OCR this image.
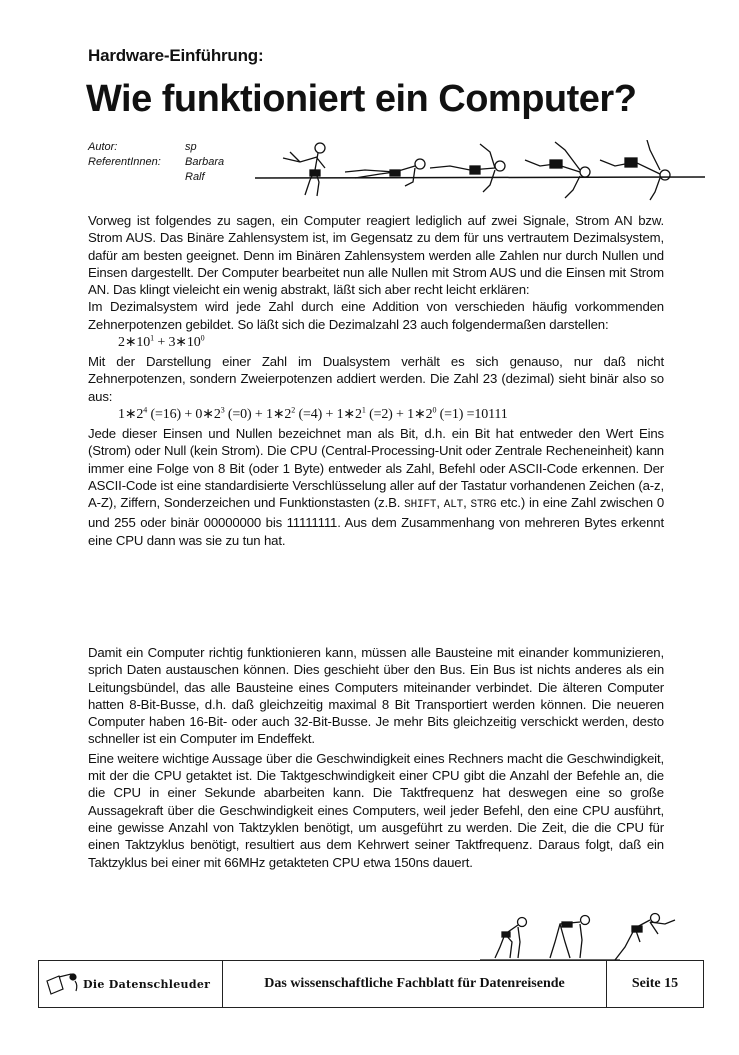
Hardware-Einführung:
Wie funktioniert ein Computer?
Autor:	sp
ReferentInnen:	Barbara
Ralf

Vorweg ist folgendes zu sagen, ein Computer reagiert lediglich auf zwei Signale, Strom AN bzw. Strom AUS. Das Binäre Zahlensystem ist, im Gegensatz zu dem für uns vertrautem Dezimalsystem, dafür am besten geeignet. Denn im Binären Zahlensystem werden alle Zahlen nur durch Nullen und Einsen dargestellt. Der Computer bearbeitet nun alle Nullen mit Strom AUS und die Einsen mit Strom AN. Das klingt vieleicht ein wenig abstrakt, läßt sich aber recht leicht erklären:

Im Dezimalsystem wird jede Zahl durch eine Addition von verschieden häufig vorkommenden Zehnerpotenzen gebildet. So läßt sich die Dezimalzahl 23 auch folgendermaßen darstellen:

$2∗10^1$ + $3∗10^0$

Mit der Darstellung einer Zahl im Dualsystem verhält es sich genauso, nur daß nicht Zehnerpotenzen, sondern Zweierpotenzen addiert werden. Die Zahl 23 (dezimal) sieht binär also so aus:

$1∗2^4$ $(=16) + 0∗2^3$ $(=0) + 1∗2^2$ $(=4) + 1∗2^1$ $(=2) + 1∗2^0$ (=1) =10111

Jede dieser Einsen und Nullen bezeichnet man als Bit, d.h. ein Bit hat entweder den Wert Eins (Strom) oder Null (kein Strom). Die CPU (Central-Processing-Unit oder Zentrale Recheneinheit) kann immer eine Folge von 8 Bit (oder 1 Byte) entweder als Zahl, Befehl oder ASCII-Code erkennen. Der ASCII-Code ist eine standardisierte Verschlüsselung aller auf der Tastatur vorhandenen Zeichen (a-z, A-Z), Ziffern, Sonderzeichen und Funktionstasten (z.B. SHIFT, ALT, STRG etc.) in eine Zahl zwischen 0 und 255 oder binär 00000000 bis 11111111. Aus dem Zusammenhang von mehreren Bytes erkennt eine CPU dann was sie zu tun hat.

Damit ein Computer richtig funktionieren kann, müssen alle Bausteine mit einander kommunizieren, sprich Daten austauschen können. Dies geschieht über den Bus. Ein Bus ist nichts anderes als ein Leitungsbündel, das alle Bausteine eines Computers miteinander verbindet. Die älteren Computer hatten 8-Bit-Busse, d.h. daß gleichzeitig maximal 8 Bit Transportiert werden können. Die neueren Computer haben 16-Bit- oder auch 32-Bit-Busse. Je mehr Bits gleichzeitig verschickt werden, desto schneller ist ein Computer im Endeffekt.

Eine weitere wichtige Aussage über die Geschwindigkeit eines Rechners macht die Geschwindigkeit, mit der die CPU getaktet ist. Die Taktgeschwindigkeit einer CPU gibt die Anzahl der Befehle an, die die CPU in einer Sekunde abarbeiten kann. Die Taktfrequenz hat deswegen eine so große Aussagekraft über die Geschwindigkeit eines Computers, weil jeder Befehl, den eine CPU ausführt, eine gewisse Anzahl von Taktzyklen benötigt, um ausgeführt zu werden. Die Zeit, die die CPU für einen Taktzyklus benötigt, resultiert aus dem Kehrwert seiner Taktfrequenz. Daraus folgt, daß ein Taktzyklus bei einer mit 66MHz getakteten CPU etwa 150ns dauert.

Die Datenschleuder	Das wissenschaftliche Fachblatt für Datenreisende	Seite 15
